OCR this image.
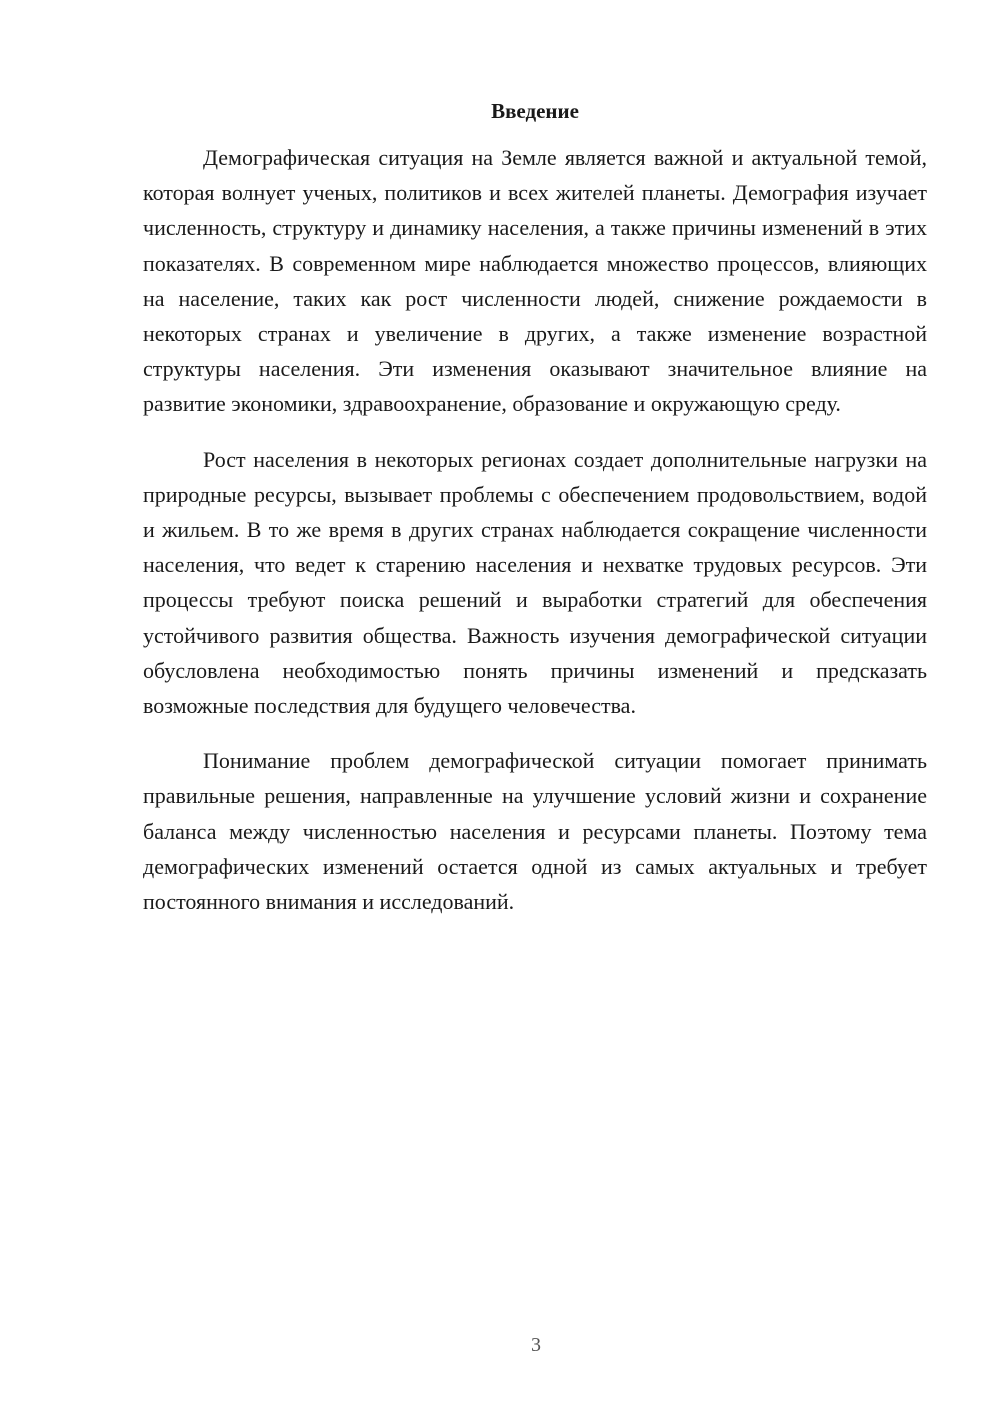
Введение

Демографическая ситуация на Земле является важной и актуальной темой, которая волнует ученых, политиков и всех жителей планеты. Демография изучает численность, структуру и динамику населения, а также причины изменений в этих показателях. В современном мире наблюдается множество процессов, влияющих на население, таких как рост численности людей, снижение рождаемости в некоторых странах и увеличение в других, а также изменение возрастной структуры населения. Эти изменения оказывают значительное влияние на развитие экономики, здравоохранение, образование и окружающую среду.

Рост населения в некоторых регионах создает дополнительные нагрузки на природные ресурсы, вызывает проблемы с обеспечением продовольствием, водой и жильем. В то же время в других странах наблюдается сокращение численности населения, что ведет к старению населения и нехватке трудовых ресурсов. Эти процессы требуют поиска решений и выработки стратегий для обеспечения устойчивого развития общества. Важность изучения демографической ситуации обусловлена необходимостью понять причины изменений и предсказать возможные последствия для будущего человечества.

Понимание проблем демографической ситуации помогает принимать правильные решения, направленные на улучшение условий жизни и сохранение баланса между численностью населения и ресурсами планеты. Поэтому тема демографических изменений остается одной из самых актуальных и требует постоянного внимания и исследований.

3
